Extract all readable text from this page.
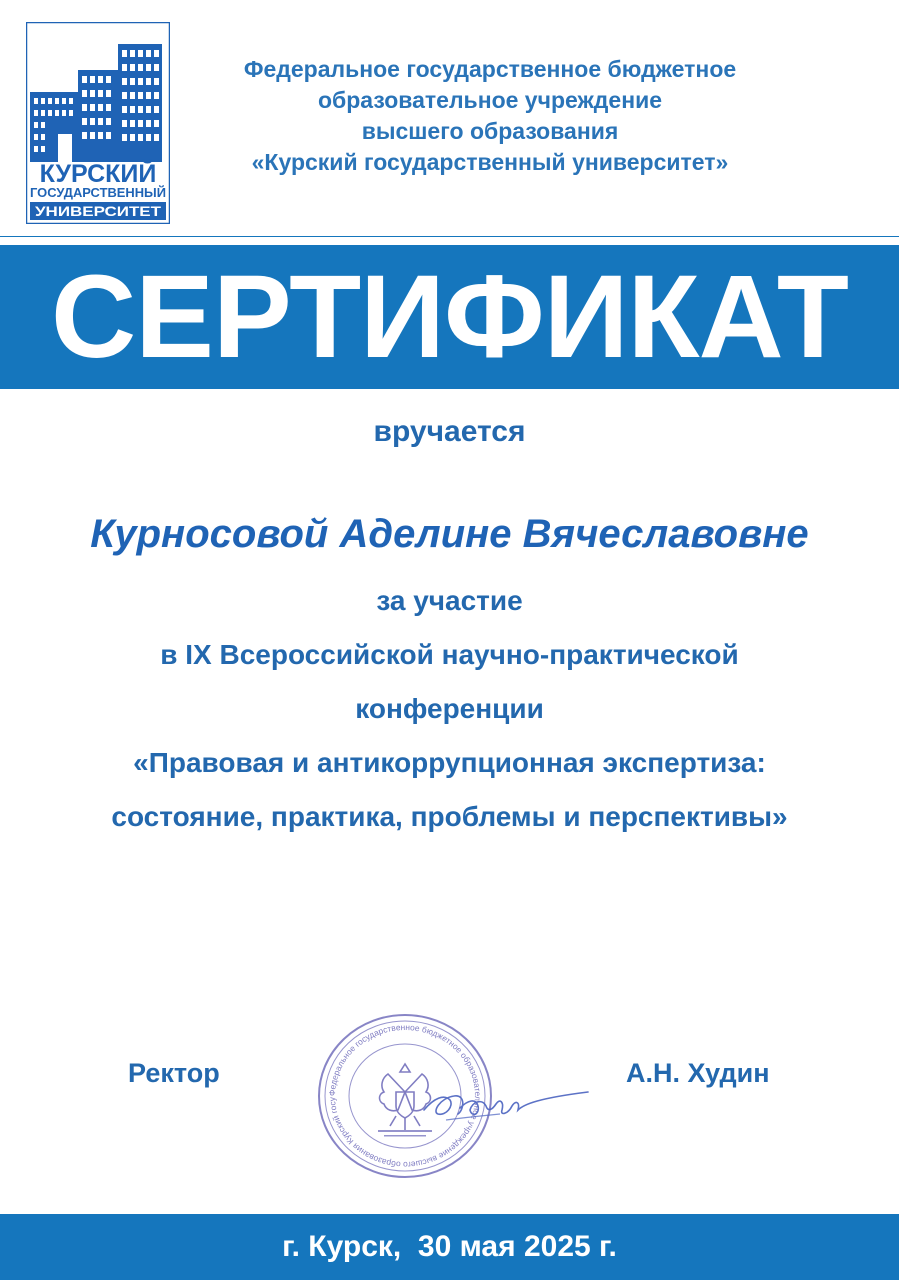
КУРСКИЙ
ГОСУДАРСТВЕННЫЙ
УНИВЕРСИТЕТ
Федеральное государственное бюджетное
образовательное учреждение
высшего образования
«Курский государственный университет»
СЕРТИФИКАТ
вручается
Курносовой Аделине Вячеславовне
за участие
в IX Всероссийской научно-практической
конференции
«Правовая и антикоррупционная экспертиза:
состояние, практика, проблемы и перспективы»
Ректор
Федеральное государственное бюджетное образовательное учреждение высшего образования Курский госу
А.Н. Худин
г. Курск,  30 мая 2025 г.
